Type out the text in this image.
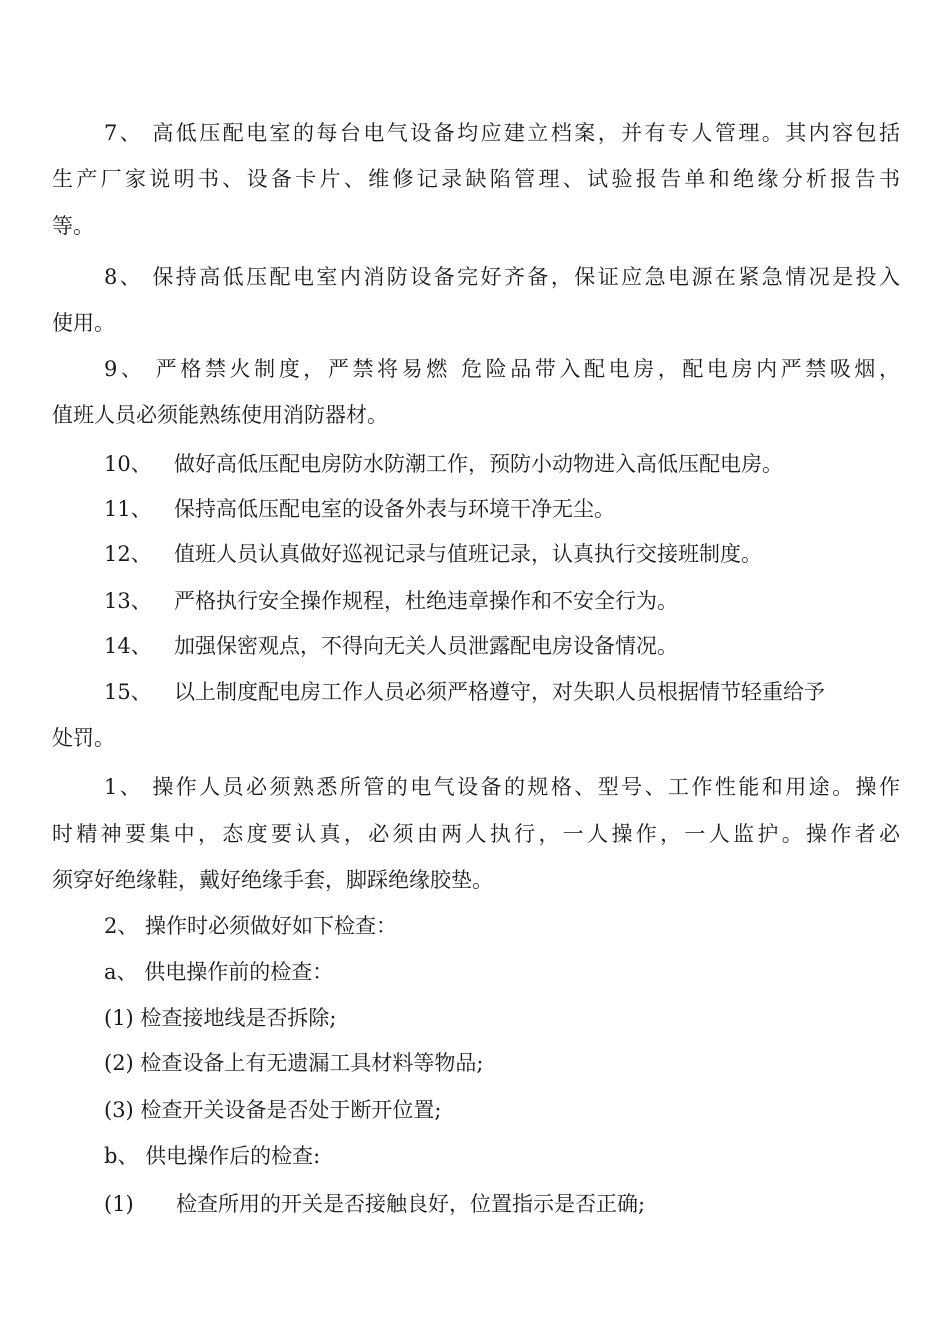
7、 高低压配电室的每台电气设备均应建立档案，并有专人管理。其内容包括
生产厂家说明书、设备卡片、维修记录缺陷管理、试验报告单和绝缘分析报告书
等。
8、 保持高低压配电室内消防设备完好齐备，保证应急电源在紧急情况是投入
使用。
9、 严格禁火制度，严禁将易燃 危险品带入配电房，配电房内严禁吸烟，
值班人员必须能熟练使用消防器材。
10、 做好高低压配电房防水防潮工作，预防小动物进入高低压配电房。
11、 保持高低压配电室的设备外表与环境干净无尘。
12、 值班人员认真做好巡视记录与值班记录，认真执行交接班制度。
13、 严格执行安全操作规程，杜绝违章操作和不安全行为。
14、 加强保密观点，不得向无关人员泄露配电房设备情况。
15、 以上制度配电房工作人员必须严格遵守，对失职人员根据情节轻重给予
处罚。
1、 操作人员必须熟悉所管的电气设备的规格、型号、工作性能和用途。操作
时精神要集中，态度要认真，必须由两人执行，一人操作，一人监护。操作者必
须穿好绝缘鞋，戴好绝缘手套，脚踩绝缘胶垫。
2、 操作时必须做好如下检查：
a、 供电操作前的检查：
(1) 检查接地线是否拆除;
(2) 检查设备上有无遗漏工具材料等物品;
(3) 检查开关设备是否处于断开位置;
b、 供电操作后的检查:
(1) 检查所用的开关是否接触良好，位置指示是否正确;
